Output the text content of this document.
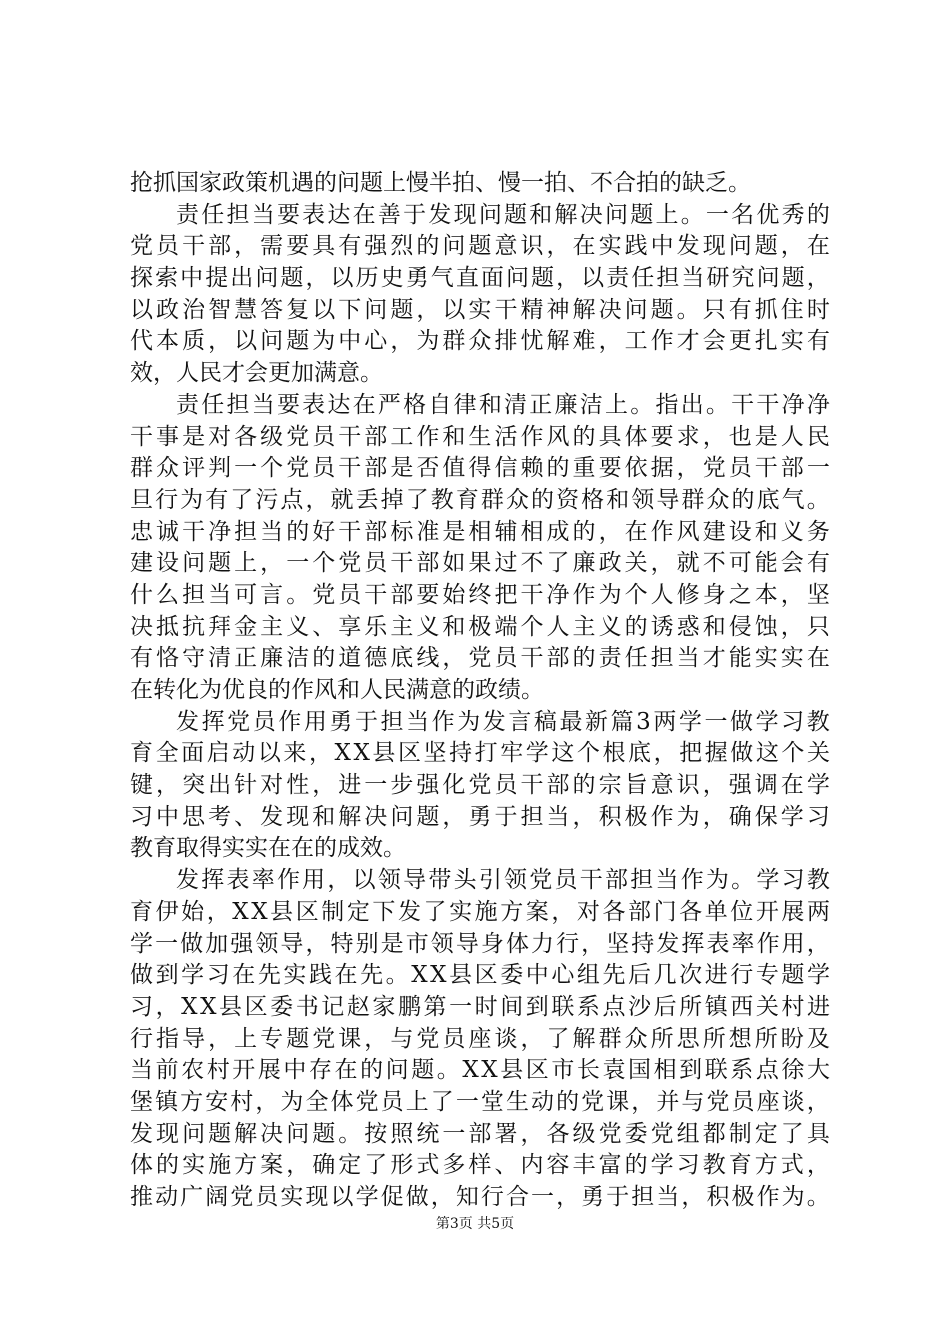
抢抓国家政策机遇的问题上慢半拍、慢一拍、不合拍的缺乏。
责 任 担 当 要 表 达 在 善 于 发 现 问 题 和 解 决 问 题 上 。 一 名 优 秀 的
党 员 干 部 ， 需 要 具 有 强 烈 的 问 题 意 识 ， 在 实 践 中 发 现 问 题 ， 在
探 索 中 提 出 问 题 ， 以 历 史 勇 气 直 面 问 题 ， 以 责 任 担 当 研 究 问 题 ，
以 政 治 智 慧 答 复 以 下 问 题 ， 以 实 干 精 神 解 决 问 题 。 只 有 抓 住 时
代 本 质 ， 以 问 题 为 中 心 ， 为 群 众 排 忧 解 难 ， 工 作 才 会 更 扎 实 有
效，人民才会更加满意。
责 任 担 当 要 表 达 在 严 格 自 律 和 清 正 廉 洁 上 。 指 出 。 干 干 净 净
干 事 是 对 各 级 党 员 干 部 工 作 和 生 活 作 风 的 具 体 要 求 ， 也 是 人 民
群 众 评 判 一 个 党 员 干 部 是 否 值 得 信 赖 的 重 要 依 据 ， 党 员 干 部 一
旦 行 为 有 了 污 点 ， 就 丢 掉 了 教 育 群 众 的 资 格 和 领 导 群 众 的 底 气 。
忠 诚 干 净 担 当 的 好 干 部 标 准 是 相 辅 相 成 的 ， 在 作 风 建 设 和 义 务
建 设 问 题 上 ， 一 个 党 员 干 部 如 果 过 不 了 廉 政 关 ， 就 不 可 能 会 有
什 么 担 当 可 言 。 党 员 干 部 要 始 终 把 干 净 作 为 个 人 修 身 之 本 ， 坚
决 抵 抗 拜 金 主 义 、 享 乐 主 义 和 极 端 个 人 主 义 的 诱 惑 和 侵 蚀 ， 只
有 恪 守 清 正 廉 洁 的 道 德 底 线 ， 党 员 干 部 的 责 任 担 当 才 能 实 实 在
在转化为优良的作风和人民满意的政绩。
发 挥 党 员 作 用 勇 于 担 当 作 为 发 言 稿 最 新 篇 3 两 学 一 做 学 习 教
育 全 面 启 动 以 来 ， X X 县 区 坚 持 打 牢 学 这 个 根 底 ， 把 握 做 这 个 关
键 ， 突 出 针 对 性 ， 进 一 步 强 化 党 员 干 部 的 宗 旨 意 识 ， 强 调 在 学
习 中 思 考 、 发 现 和 解 决 问 题 ， 勇 于 担 当 ， 积 极 作 为 ， 确 保 学 习
教育取得实实在在的成效。
发 挥 表 率 作 用 ， 以 领 导 带 头 引 领 党 员 干 部 担 当 作 为 。 学 习 教
育 伊 始 ， X X 县 区 制 定 下 发 了 实 施 方 案 ， 对 各 部 门 各 单 位 开 展 两
学 一 做 加 强 领 导 ， 特 别 是 市 领 导 身 体 力 行 ， 坚 持 发 挥 表 率 作 用 ，
做 到 学 习 在 先 实 践 在 先 。 X X 县 区 委 中 心 组 先 后 几 次 进 行 专 题 学
习 ， X X 县 区 委 书 记 赵 家 鹏 第 一 时 间 到 联 系 点 沙 后 所 镇 西 关 村 进
行 指 导 ， 上 专 题 党 课 ， 与 党 员 座 谈 ， 了 解 群 众 所 思 所 想 所 盼 及
当 前 农 村 开 展 中 存 在 的 问 题 。 X X 县 区 市 长 袁 国 相 到 联 系 点 徐 大
堡 镇 方 安 村 ， 为 全 体 党 员 上 了 一 堂 生 动 的 党 课 ， 并 与 党 员 座 谈 ，
发 现 问 题 解 决 问 题 。 按 照 统 一 部 署 ， 各 级 党 委 党 组 都 制 定 了 具
体 的 实 施 方 案 ， 确 定 了 形 式 多 样 、 内 容 丰 富 的 学 习 教 育 方 式 ，
推 动 广 阔 党 员 实 现 以 学 促 做 ， 知 行 合 一 ， 勇 于 担 当 ， 积 极 作 为 。
第3页 共5页
